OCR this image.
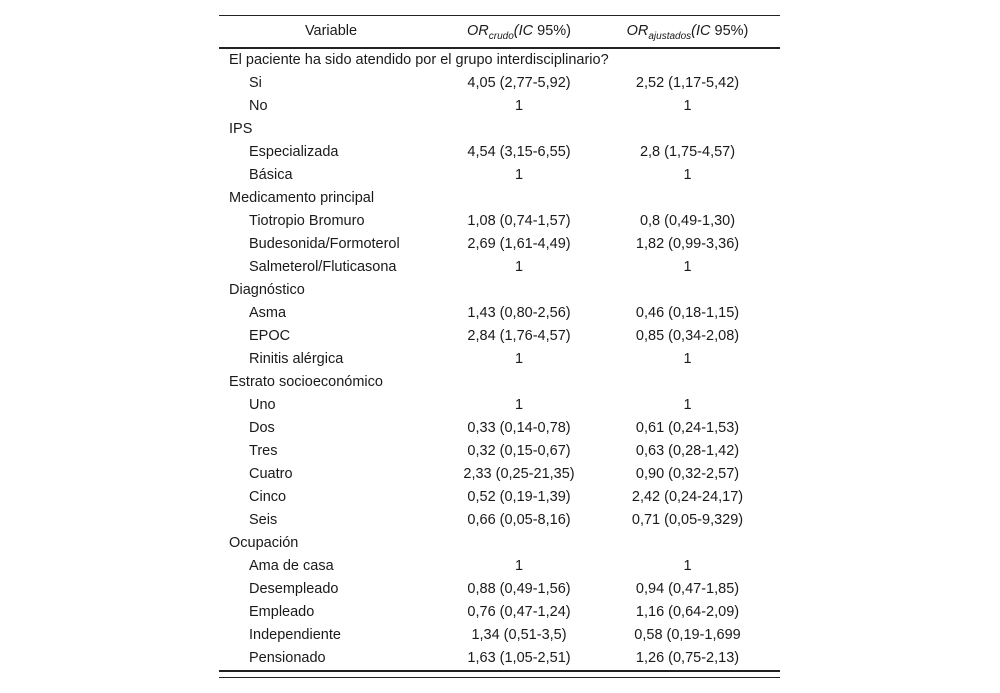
Variable	$OR_{crudo}(IC$ 95%)	$OR_{ajustados}(IC$ 95%)
El paciente ha sido atendido por el grupo interdisciplinario?
Si	4,05 (2,77-5,92)	2,52 (1,17-5,42)
No	1	1
IPS
Especializada	4,54 (3,15-6,55)	2,8 (1,75-4,57)
Básica	1	1
Medicamento principal
Tiotropio Bromuro	1,08 (0,74-1,57)	0,8 (0,49-1,30)
Budesonida/Formoterol	2,69 (1,61-4,49)	1,82 (0,99-3,36)
Salmeterol/Fluticasona	1	1
Diagnóstico
Asma	1,43 (0,80-2,56)	0,46 (0,18-1,15)
EPOC	2,84 (1,76-4,57)	0,85 (0,34-2,08)
Rinitis alérgica	1	1
Estrato socioeconómico
Uno	1	1
Dos	0,33 (0,14-0,78)	0,61 (0,24-1,53)
Tres	0,32 (0,15-0,67)	0,63 (0,28-1,42)
Cuatro	2,33 (0,25-21,35)	0,90 (0,32-2,57)
Cinco	0,52 (0,19-1,39)	2,42 (0,24-24,17)
Seis	0,66 (0,05-8,16)	0,71 (0,05-9,329)
Ocupación
Ama de casa	1	1
Desempleado	0,88 (0,49-1,56)	0,94 (0,47-1,85)
Empleado	0,76 (0,47-1,24)	1,16 (0,64-2,09)
Independiente	1,34 (0,51-3,5)	0,58 (0,19-1,699
Pensionado	1,63 (1,05-2,51)	1,26 (0,75-2,13)
